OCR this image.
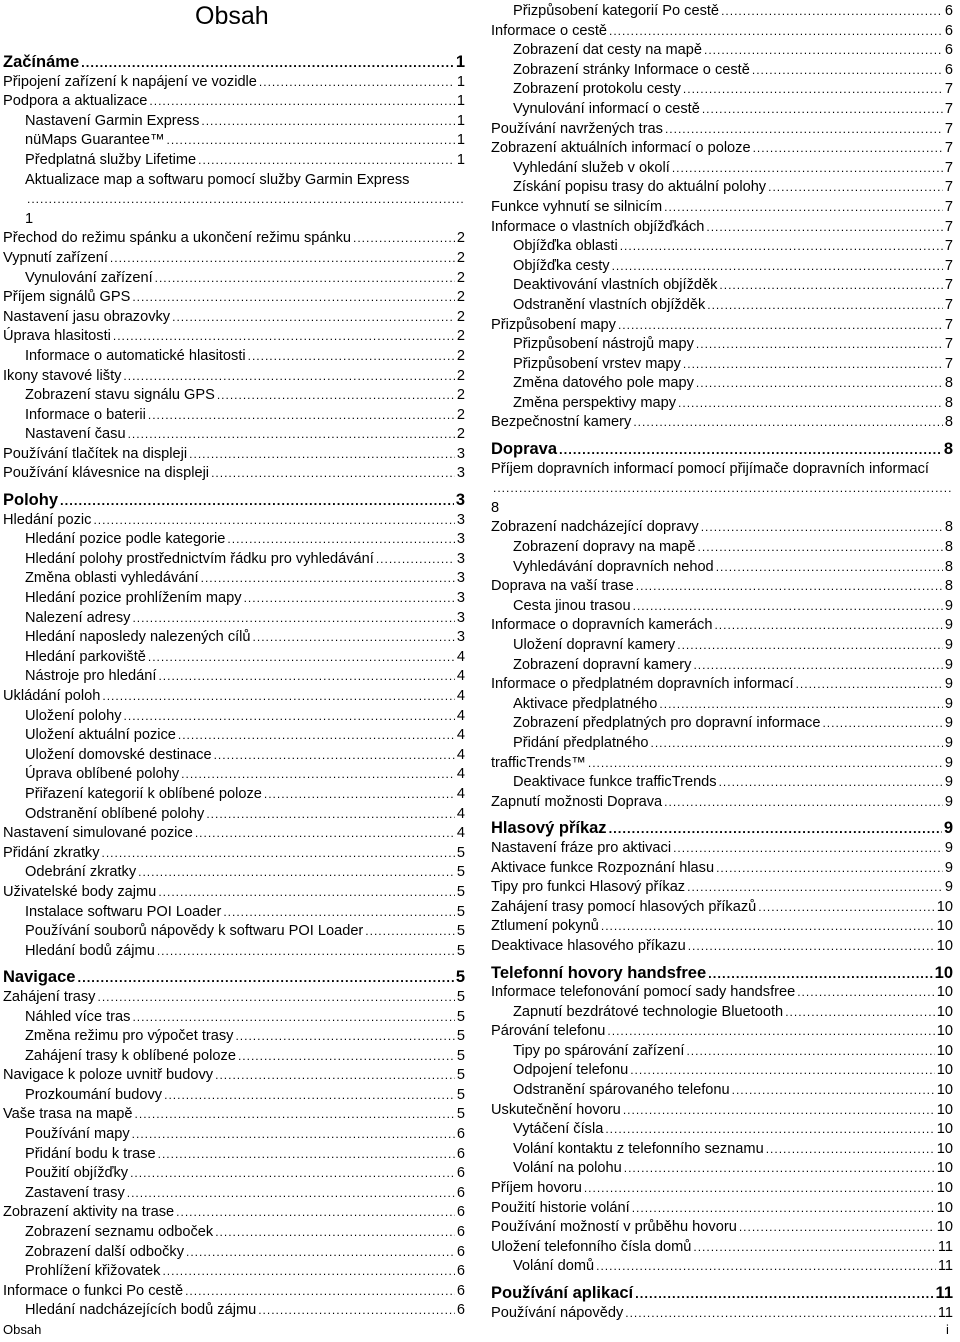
Obsah
Začínáme .....	1
Připojení zařízení k napájení ve vozidle .....	1
Podpora a aktualizace .....	1
Nastavení Garmin Express .....	1
nüMaps Guarantee™ .....	1
Předplatná služby Lifetime .....	1
Aktualizace map a softwaru pomocí služby Garmin Express
.....
1
Přechod do režimu spánku a ukončení režimu spánku .....	2
Vypnutí zařízení .....	2
Vynulování zařízení .....	2
Příjem signálů GPS .....	2
Nastavení jasu obrazovky .....	2
Úprava hlasitosti .....	2
Informace o automatické hlasitosti .....	2
Ikony stavové lišty .....	2
Zobrazení stavu signálu GPS .....	2
Informace o baterii .....	2
Nastavení času .....	2
Používání tlačítek na displeji .....	3
Používání klávesnice na displeji .....	3
Polohy .....	3
Hledání pozic .....	3
Hledání pozice podle kategorie .....	3
Hledání polohy prostřednictvím řádku pro vyhledávání .....	3
Změna oblasti vyhledávání .....	3
Hledání pozice prohlížením mapy .....	3
Nalezení adresy .....	3
Hledání naposledy nalezených cílů .....	3
Hledání parkoviště .....	4
Nástroje pro hledání .....	4
Ukládání poloh .....	4
Uložení polohy .....	4
Uložení aktuální pozice .....	4
Uložení domovské destinace .....	4
Úprava oblíbené polohy .....	4
Přiřazení kategorií k oblíbené poloze .....	4
Odstranění oblíbené polohy .....	4
Nastavení simulované pozice .....	4
Přidání zkratky .....	5
Odebrání zkratky .....	5
Uživatelské body zajmu .....	5
Instalace softwaru POI Loader .....	5
Používání souborů nápovědy k softwaru POI Loader .....	5
Hledání bodů zájmu .....	5
Navigace .....	5
Zahájení trasy .....	5
Náhled více tras .....	5
Změna režimu pro výpočet trasy .....	5
Zahájení trasy k oblíbené poloze .....	5
Navigace k poloze uvnitř budovy .....	5
Prozkoumání budovy .....	5
Vaše trasa na mapě .....	5
Používání mapy .....	6
Přidání bodu k trase .....	6
Použití objížďky .....	6
Zastavení trasy .....	6
Zobrazení aktivity na trase .....	6
Zobrazení seznamu odboček .....	6
Zobrazení další odbočky .....	6
Prohlížení křižovatek .....	6
Informace o funkci Po cestě .....	6
Hledání nadcházejících bodů zájmu .....	6
Přizpůsobení kategorií Po cestě .....	6
Informace o cestě .....	6
Zobrazení dat cesty na mapě .....	6
Zobrazení stránky Informace o cestě .....	6
Zobrazení protokolu cesty .....	7
Vynulování informací o cestě .....	7
Používání navržených tras .....	7
Zobrazení aktuálních informací o poloze .....	7
Vyhledání služeb v okolí .....	7
Získání popisu trasy do aktuální polohy .....	7
Funkce vyhnutí se silnicím .....	7
Informace o vlastních objížďkách .....	7
Objížďka oblasti .....	7
Objížďka cesty .....	7
Deaktivování vlastních objížděk .....	7
Odstranění vlastních objížděk .....	7
Přizpůsobení mapy .....	7
Přizpůsobení nástrojů mapy .....	7
Přizpůsobení vrstev mapy .....	7
Změna datového pole mapy .....	8
Změna perspektivy mapy .....	8
Bezpečnostní kamery .....	8
Doprava .....	8
Příjem dopravních informací pomocí přijímače dopravních informací
.....
8
Zobrazení nadcházející dopravy .....	8
Zobrazení dopravy na mapě .....	8
Vyhledávání dopravních nehod .....	8
Doprava na vaší trase .....	8
Cesta jinou trasou .....	9
Informace o dopravních kamerách .....	9
Uložení dopravní kamery .....	9
Zobrazení dopravní kamery .....	9
Informace o předplatném dopravních informací .....	9
Aktivace předplatného .....	9
Zobrazení předplatných pro dopravní informace .....	9
Přidání předplatného .....	9
trafficTrends™ .....	9
Deaktivace funkce trafficTrends .....	9
Zapnutí možnosti Doprava .....	9
Hlasový příkaz .....	9
Nastavení fráze pro aktivaci .....	9
Aktivace funkce Rozpoznání hlasu .....	9
Tipy pro funkci Hlasový příkaz .....	9
Zahájení trasy pomocí hlasových příkazů .....	10
Ztlumení pokynů .....	10
Deaktivace hlasového příkazu .....	10
Telefonní hovory handsfree .....	10
Informace telefonování pomocí sady handsfree .....	10
Zapnutí bezdrátové technologie Bluetooth .....	10
Párování telefonu .....	10
Tipy po spárování zařízení .....	10
Odpojení telefonu .....	10
Odstranění spárovaného telefonu .....	10
Uskutečnění hovoru .....	10
Vytáčení čísla .....	10
Volání kontaktu z telefonního seznamu .....	10
Volání na polohu .....	10
Příjem hovoru .....	10
Použití historie volání .....	10
Používání možností v průběhu hovoru .....	10
Uložení telefonního čísla domů .....	11
Volání domů .....	11
Používání aplikací .....	11
Používání nápovědy .....	11
Obsah	i
